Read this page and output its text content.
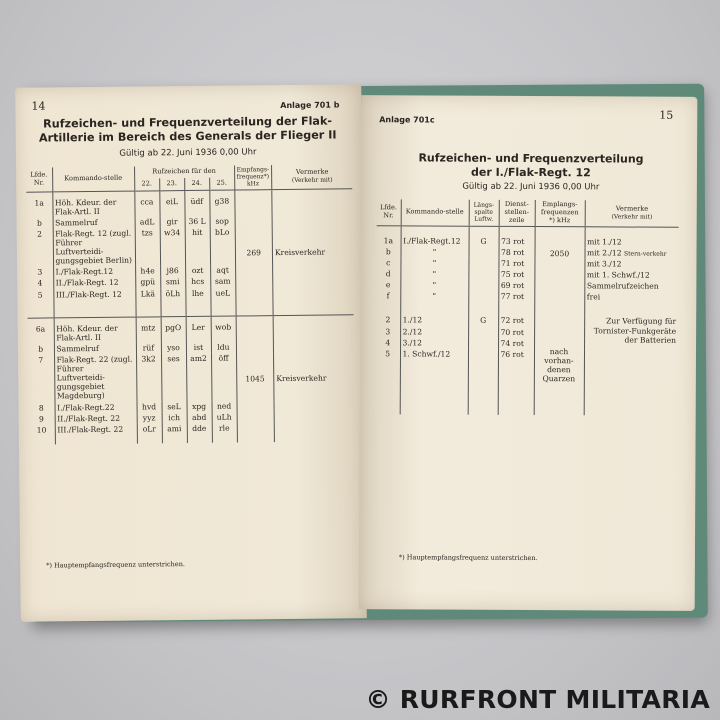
14	Anlage 701 b
Rufzeichen- und Frequenzverteilung der Flak-
Artillerie im Bereich des Generals der Flieger II
Gültig ab 22. Juni 1936 0,00 Uhr
Lfde. Nr.	Kommando-stelle	Rufzeichen für den				Empfangs-frequenz*) kHz	Vermerke
(Verkehr mit)
		22.	23.	24.	25.		
1a	Höh. Kdeur. der Flak-Artl. II	cca	eiL	üdf	g38	269	Kreisverkehr
b	Sammelruf	adL	gir	36 L	sop		
2	Flak-Regt. 12 (zugl. Führer Luftverteidi-gungsgebiet Berlin)	tzs	w34	hit	bLo		
3	I./Flak-Regt.12	h4e	j86	ozt	aqt		
4	II./Flak-Regt. 12	gpü	smi	hcs	sam		
5	III./Flak-Regt. 12	Lkä	öLh	lhe	ueL		
6a	Höh. Kdeur. der Flak-Artl. II	mtz	pgO	Ler	wob	1045	Kreisverkehr
b	Sammelruf	rüf	yso	ist	ldu		
7	Flak-Regt. 22 (zugl. Führer Luftverteidi-gungsgebiet Magdeburg)	3k2	ses	am2	öff		
8	I./Flak-Regt.22	hvd	seL	xpg	ned		
9	II./Flak-Regt. 22	yyz	ich	abd	uLh		
10	III./Flak-Regt. 22	oLr	ami	dde	rle		
*) Hauptempfangsfrequenz unterstrichen.
Anlage 701c	15
Rufzeichen- und Frequenzverteilung
der I./Flak-Regt. 12
Gültig ab 22. Juni 1936 0,00 Uhr
Lfde. Nr.	Kommando-stelle	Längs-spalte Luftw.	Dienst-stellen-zeile	Emplangs-frequenzen *) kHz	Vermerke
(Verkehr mit)
1a	I./Flak-Regt.12	G	73 rot	2050	mit 1./12
b	"		78 rot		mit 2./12 Stern-verkehr
c	"		71 rot		mit 3./12
d	"		75 rot		mit 1. Schwf./12
e	"		69 rot		Sammelrufzeichen
f	"		77 rot		frei
2	1./12	G	72 rot	nach vorhan-denen Quarzen	Zur Verfügung für Tornister-Funkgeräte der Batterien
3	2./12		70 rot		
4	3./12		74 rot		
5	1. Schwf./12		76 rot		
*) Hauptempfangsfrequenz unterstrichen.
© RURFRONT MILITARIA
